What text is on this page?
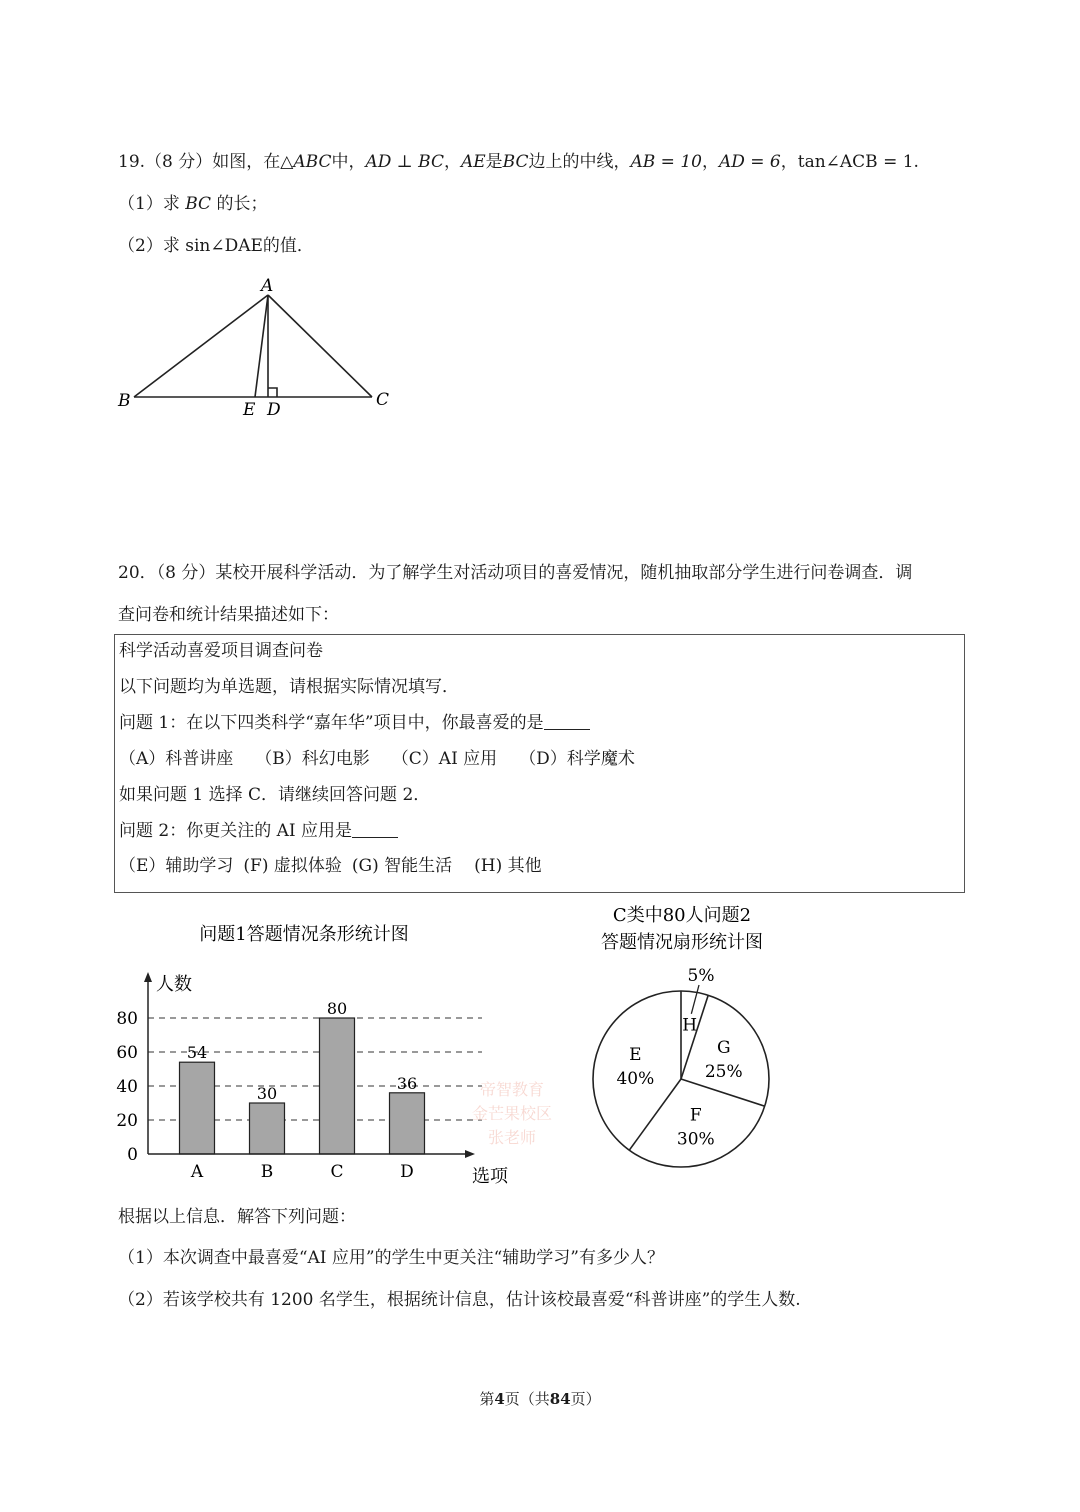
19.（8 分）如图，在△ABC中，AD ⊥ BC，AE是BC边上的中线，AB = 10，AD = 6，tan∠ACB = 1.
（1）求 BC 的长；
（2）求 sin∠DAE的值．
A
B	C
E D
20．（8 分）某校开展科学活动．为了解学生对活动项目的喜爱情况，随机抽取部分学生进行问卷调查．调
查问卷和统计结果描述如下：
科学活动喜爱项目调查问卷
以下问题均为单选题，请根据实际情况填写．
问题 1：在以下四类科学“嘉年华”项目中，你最喜爱的是
（A）科普讲座 （B）科幻电影 （C）AI 应用 （D）科学魔术
如果问题 1 选择 C．请继续回答问题 2．
问题 2：你更关注的 AI 应用是
（E）辅助学习 (F) 虚拟体验 (G) 智能生活 (H) 其他
问题1答题情况条形统计图
人数
选项
54
30
80
36
0
20
40
60
80
A	B	C	D
C类中80人问题2
答题情况扇形统计图
H
5%
G
25%
F
30%
E
40%
帝智教育
金芒果校区
张老师
根据以上信息．解答下列问题：
（1）本次调查中最喜爱“AI 应用”的学生中更关注“辅助学习”有多少人？
（2）若该学校共有 1200 名学生，根据统计信息，估计该校最喜爱“科普讲座”的学生人数.
第4页（共84页）
